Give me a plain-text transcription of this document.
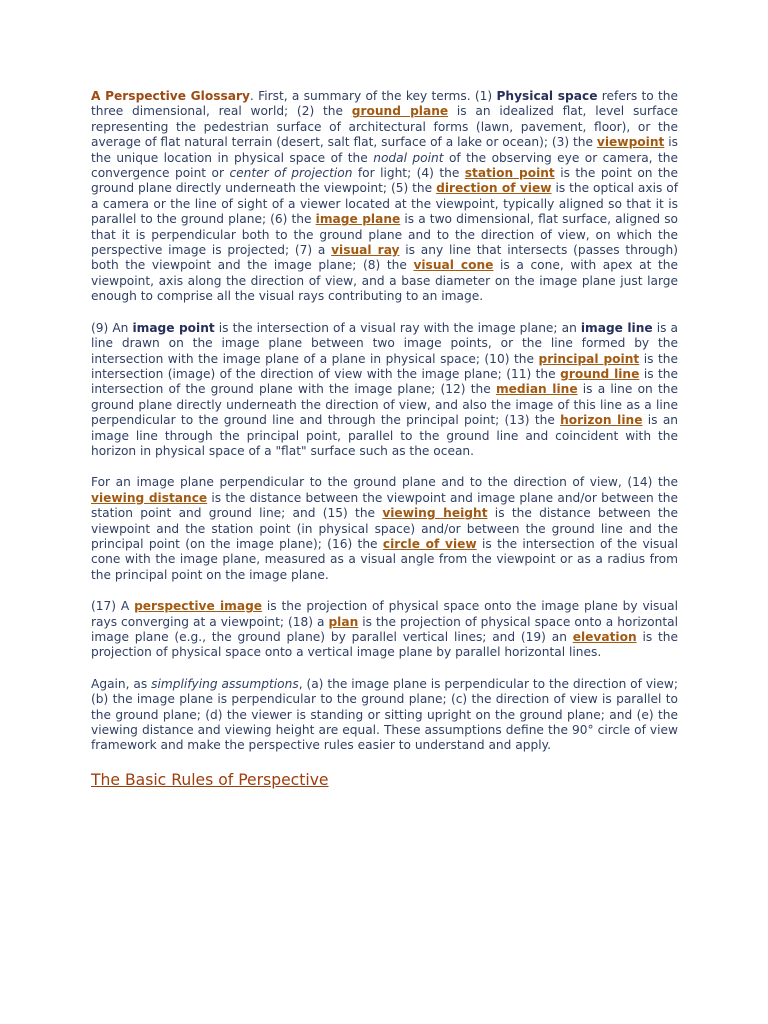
A Perspective Glossary. First, a summary of the key terms. (1) Physical space refers to the three dimensional, real world; (2) the ground plane is an idealized flat, level surface representing the pedestrian surface of architectural forms (lawn, pavement, floor), or the average of flat natural terrain (desert, salt flat, surface of a lake or ocean); (3) the viewpoint is the unique location in physical space of the nodal point of the observing eye or camera, the convergence point or center of projection for light; (4) the station point is the point on the ground plane directly underneath the viewpoint; (5) the direction of view is the optical axis of a camera or the line of sight of a viewer located at the viewpoint, typically aligned so that it is parallel to the ground plane; (6) the image plane is a two dimensional, flat surface, aligned so that it is perpendicular both to the ground plane and to the direction of view, on which the perspective image is projected; (7) a visual ray is any line that intersects (passes through) both the viewpoint and the image plane; (8) the visual cone is a cone, with apex at the viewpoint, axis along the direction of view, and a base diameter on the image plane just large enough to comprise all the visual rays contributing to an image.

(9) An image point is the intersection of a visual ray with the image plane; an image line is a line drawn on the image plane between two image points, or the line formed by the intersection with the image plane of a plane in physical space; (10) the principal point is the intersection (image) of the direction of view with the image plane; (11) the ground line is the intersection of the ground plane with the image plane; (12) the median line is a line on the ground plane directly underneath the direction of view, and also the image of this line as a line perpendicular to the ground line and through the principal point; (13) the horizon line is an image line through the principal point, parallel to the ground line and coincident with the horizon in physical space of a "flat" surface such as the ocean.

For an image plane perpendicular to the ground plane and to the direction of view, (14) the viewing distance is the distance between the viewpoint and image plane and/or between the station point and ground line; and (15) the viewing height is the distance between the viewpoint and the station point (in physical space) and/or between the ground line and the principal point (on the image plane); (16) the circle of view is the intersection of the visual cone with the image plane, measured as a visual angle from the viewpoint or as a radius from the principal point on the image plane.

(17) A perspective image is the projection of physical space onto the image plane by visual rays converging at a viewpoint; (18) a plan is the projection of physical space onto a horizontal image plane (e.g., the ground plane) by parallel vertical lines; and (19) an elevation is the projection of physical space onto a vertical image plane by parallel horizontal lines.

Again, as simplifying assumptions, (a) the image plane is perpendicular to the direction of view; (b) the image plane is perpendicular to the ground plane; (c) the direction of view is parallel to the ground plane; (d) the viewer is standing or sitting upright on the ground plane; and (e) the viewing distance and viewing height are equal. These assumptions define the 90° circle of view framework and make the perspective rules easier to understand and apply.

The Basic Rules of Perspective
